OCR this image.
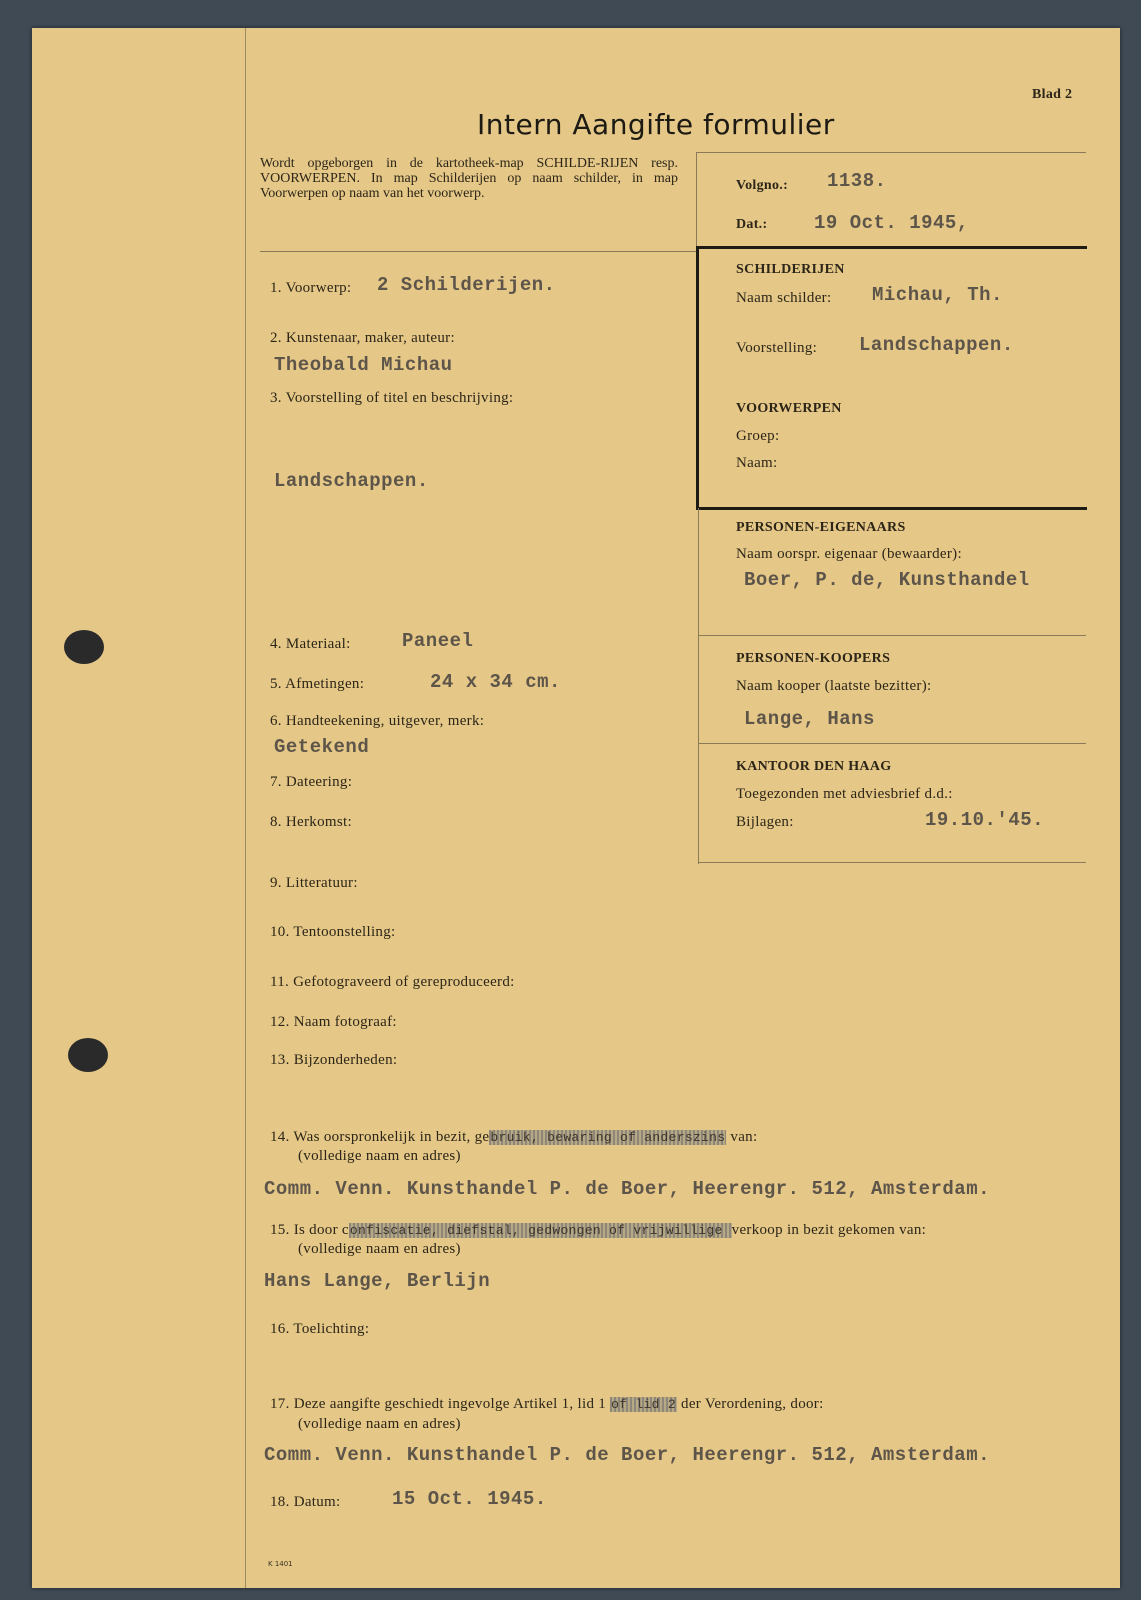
Blad 2
Intern Aangifte formulier
Wordt opgeborgen in de kartotheek-map SCHILDE-RIJEN resp. VOORWERPEN. In map Schilderijen op naam schilder, in map Voorwerpen op naam van het voorwerp.
Volgno.: 1138.
Dat.: 19 Oct. 1945,
SCHILDERIJEN
Naam schilder: Michau, Th.
Voorstelling: Landschappen.
VOORWERPEN
Groep:
Naam:
PERSONEN-EIGENAARS
Naam oorspr. eigenaar (bewaarder):
Boer, P. de, Kunsthandel
PERSONEN-KOOPERS
Naam kooper (laatste bezitter):
Lange, Hans
KANTOOR DEN HAAG
Toegezonden met adviesbrief d.d.:
Bijlagen:	19.10.'45.
1. Voorwerp: 2 Schilderijen.
2. Kunstenaar, maker, auteur:
Theobald Michau
3. Voorstelling of titel en beschrijving:
Landschappen.
4. Materiaal:	Paneel
5. Afmetingen:	24 x 34 cm.
6. Handteekening, uitgever, merk:
Getekend
7. Dateering:
8. Herkomst:
9. Litteratuur:
10. Tentoonstelling:
11. Gefotograveerd of gereproduceerd:
12. Naam fotograaf:
13. Bijzonderheden:
14. Was oorspronkelijk in bezit, gebruik, bewaring of anderszins van:
(volledige naam en adres)
Comm. Venn. Kunsthandel P. de Boer, Heerengr. 512, Amsterdam.
15. Is door confiscatie, diefstal, gedwongen of vrijwillige verkoop in bezit gekomen van:
(volledige naam en adres)
Hans Lange, Berlijn
16. Toelichting:
17. Deze aangifte geschiedt ingevolge Artikel 1, lid 1 of lid 2 der Verordening, door:
(volledige naam en adres)
Comm. Venn. Kunsthandel P. de Boer, Heerengr. 512, Amsterdam.
18. Datum:	15 Oct. 1945.
K 1401
